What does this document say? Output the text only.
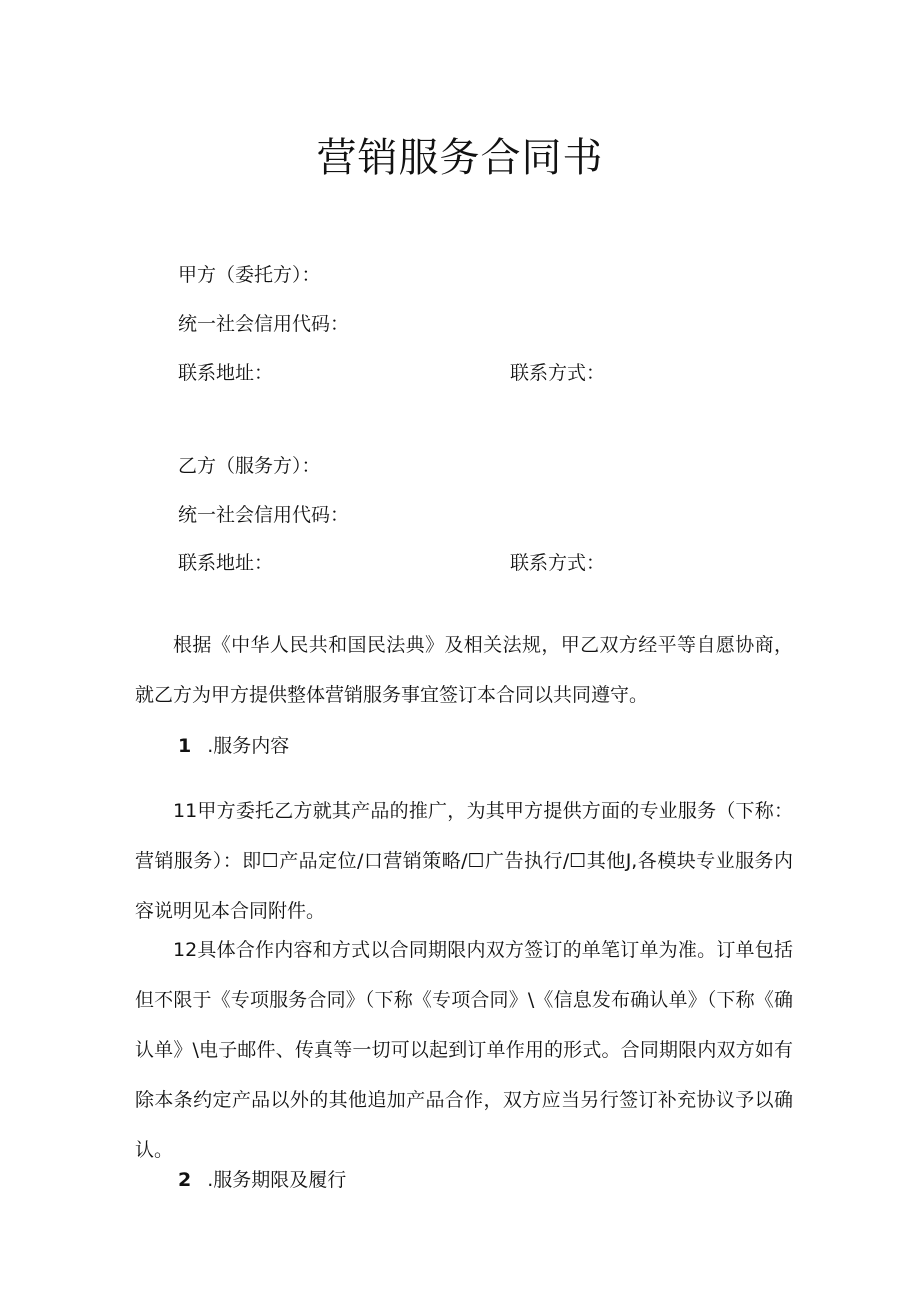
营销服务合同书
甲方（委托方）：
统一社会信用代码：
联系地址：	联系方式：
乙方（服务方）：
统一社会信用代码：
联系地址：	联系方式：
根据《中华人民共和国民法典》及相关法规，甲乙双方经平等自愿协商，就乙方为甲方提供整体营销服务事宜签订本合同以共同遵守。
1 .服务内容
11甲方委托乙方就其产品的推广，为其甲方提供方面的专业服务（下称：营销服务）：即☐产品定位/口营销策略/☐广告执行/☐其他J,各模块专业服务内容说明见本合同附件。
12具体合作内容和方式以合同期限内双方签订的单笔订单为准。订单包括但不限于《专项服务合同》（下称《专项合同》\《信息发布确认单》（下称《确认单》\电子邮件、传真等一切可以起到订单作用的形式。合同期限内双方如有除本条约定产品以外的其他追加产品合作，双方应当另行签订补充协议予以确认。
2 .服务期限及履行
